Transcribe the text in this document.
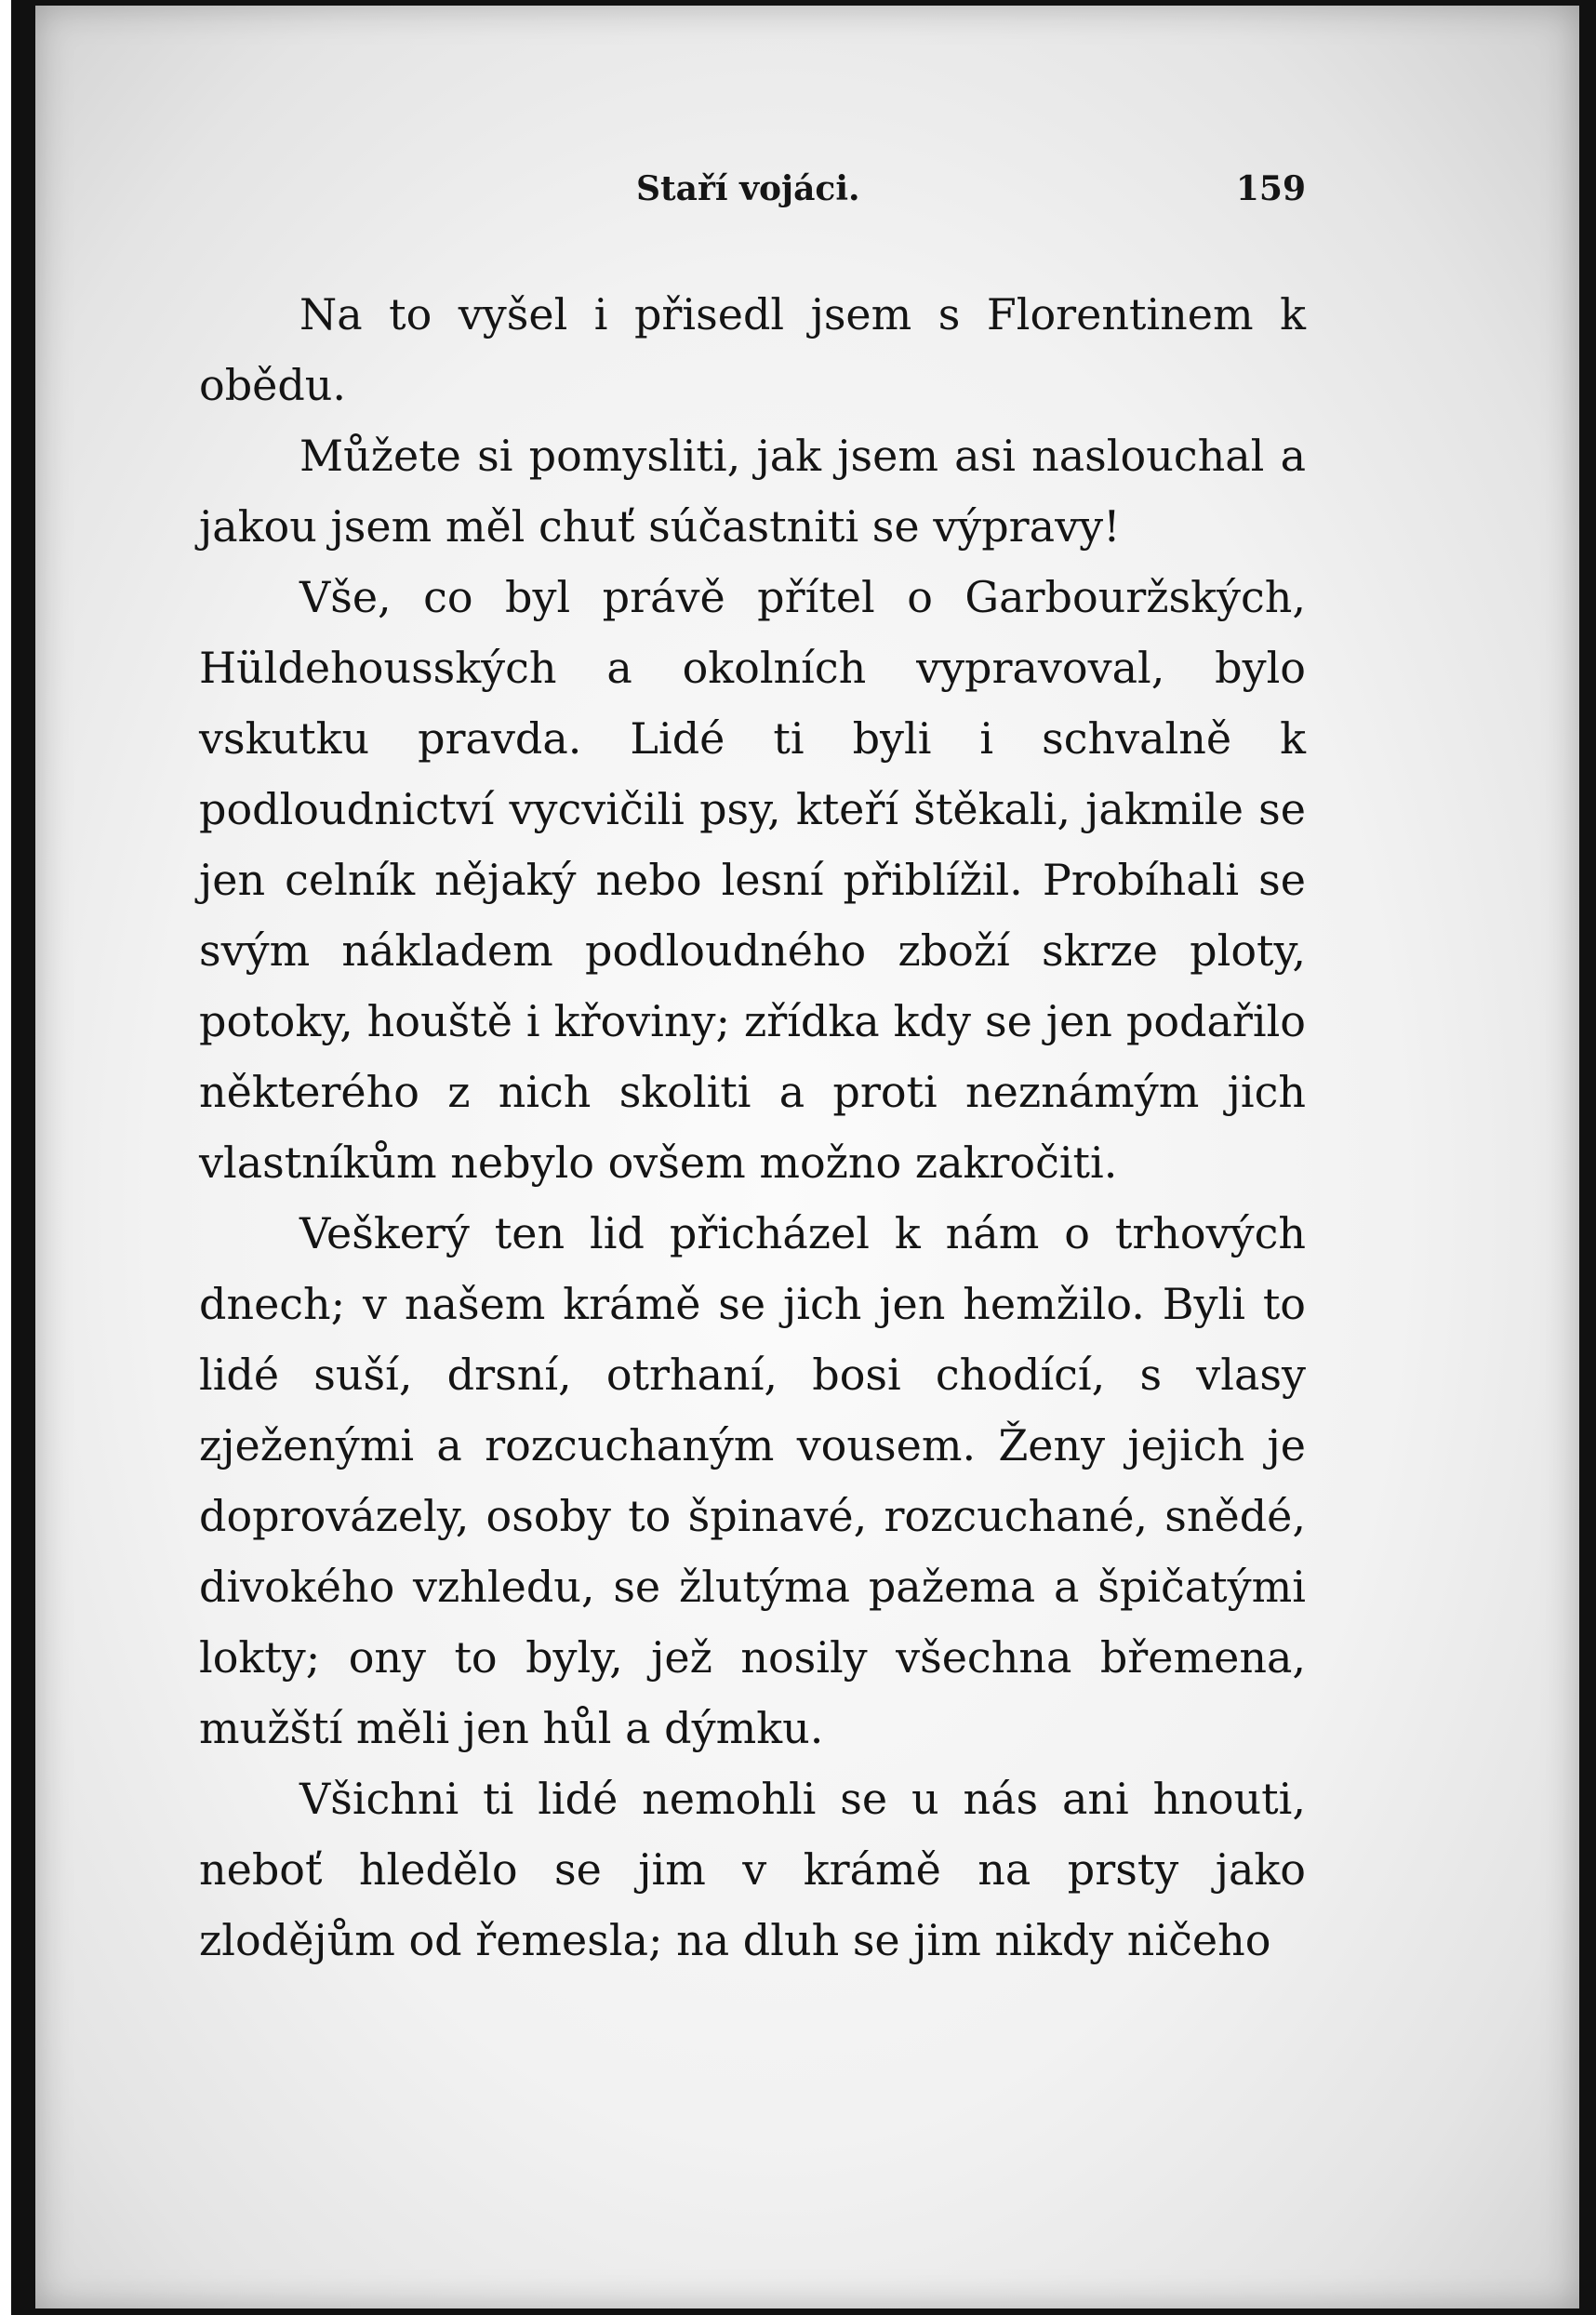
Staří vojáci.	159

Na to vyšel i přisedl jsem s Florentinem k obědu.

Můžete si pomysliti, jak jsem asi naslouchal a jakou jsem měl chuť súčastniti se výpravy!

Vše, co byl právě přítel o Garbouržských, Hüldehousských a okolních vypravoval, bylo vskutku pravda. Lidé ti byli i schvalně k podloudnictví vycvičili psy, kteří štěkali, jakmile se jen celník nějaký nebo lesní přiblížil. Probíhali se svým nákladem podloudného zboží skrze ploty, potoky, houště i křoviny; zřídka kdy se jen podařilo některého z nich skoliti a proti neznámým jich vlastníkům nebylo ovšem možno zakročiti.

Veškerý ten lid přicházel k nám o trhových dnech; v našem krámě se jich jen hemžilo. Byli to lidé suší, drsní, otrhaní, bosi chodící, s vlasy zježenými a rozcuchaným vousem. Ženy jejich je doprovázely, osoby to špinavé, rozcuchané, snědé, divokého vzhledu, se žlutýma pažema a špičatými lokty; ony to byly, jež nosily všechna břemena, mužští měli jen hůl a dýmku.

Všichni ti lidé nemohli se u nás ani hnouti, neboť hledělo se jim v krámě na prsty jako zlodějům od řemesla; na dluh se jim nikdy ničeho
